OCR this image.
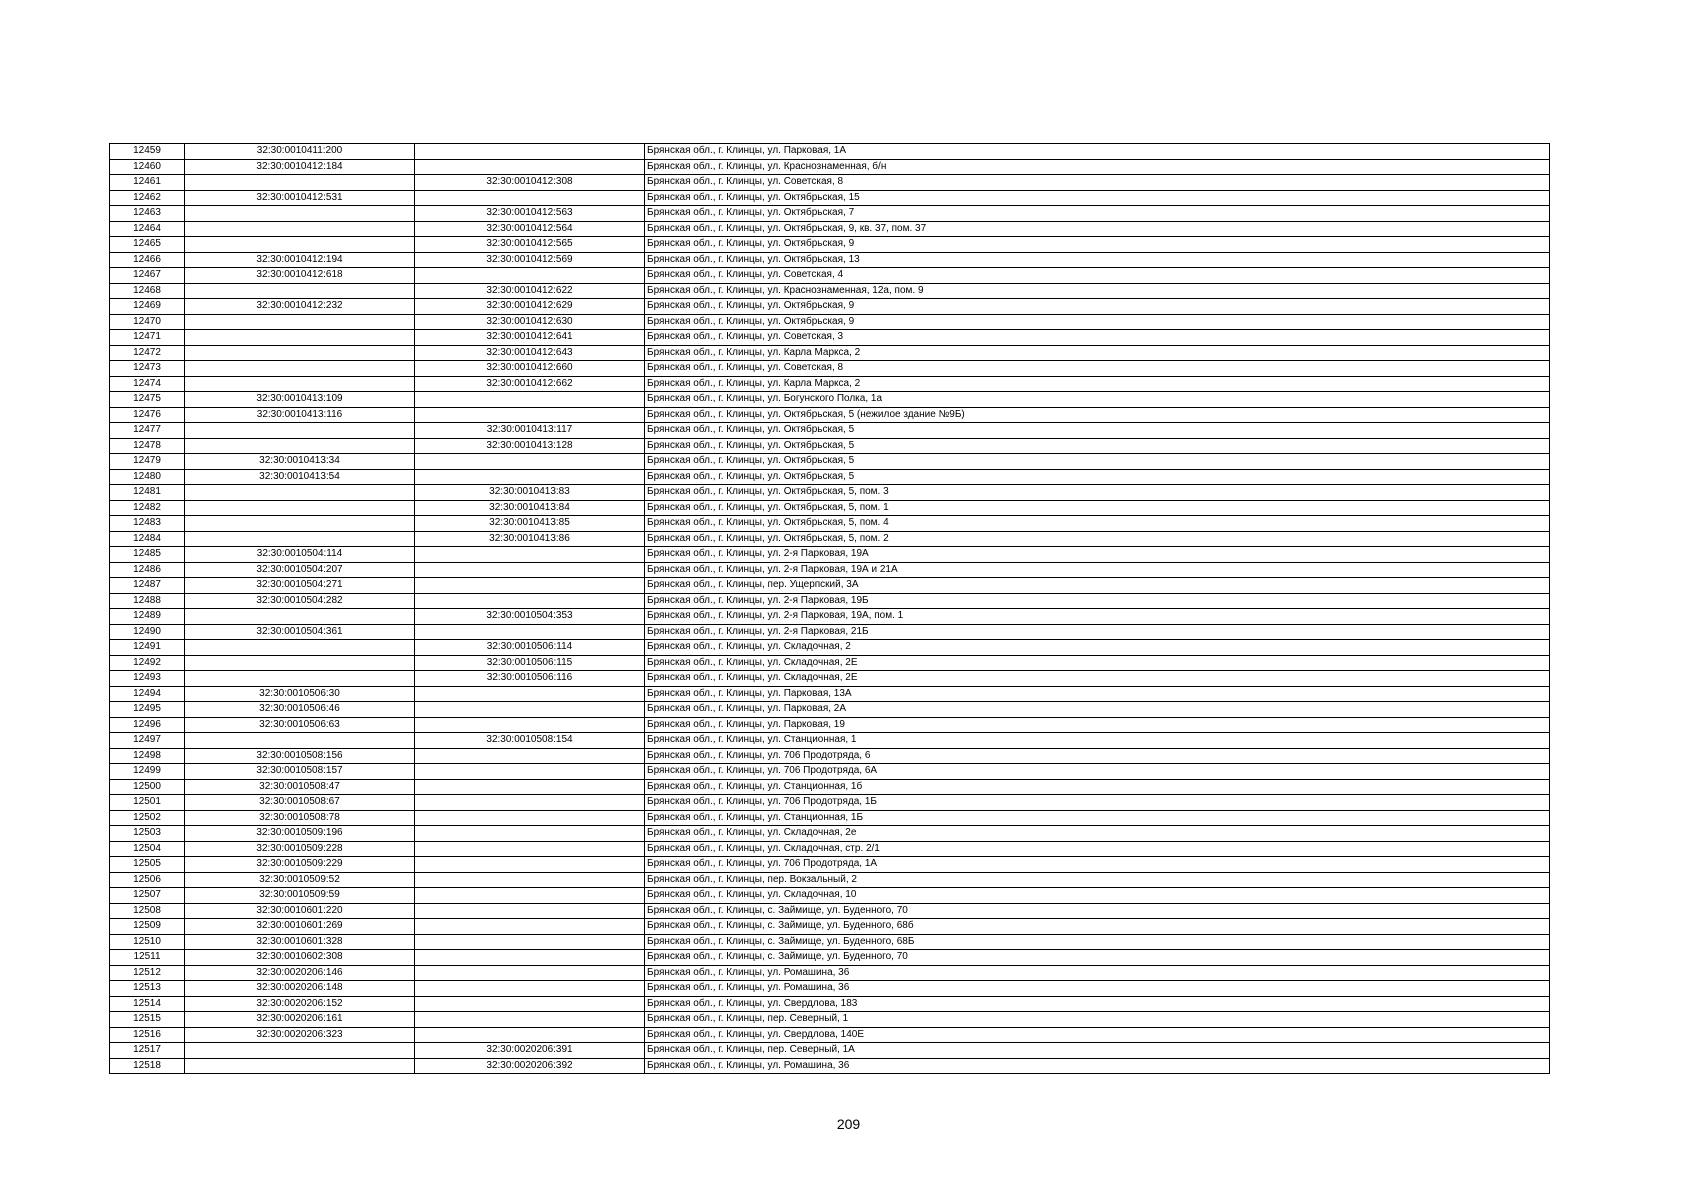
12459	32:30:0010411:200		Брянская обл., г. Клинцы, ул. Парковая, 1А
12460	32:30:0010412:184		Брянская обл., г. Клинцы, ул. Краснознаменная, б/н
12461		32:30:0010412:308	Брянская обл., г. Клинцы, ул. Советская, 8
12462	32:30:0010412:531		Брянская обл., г. Клинцы, ул. Октябрьская, 15
12463		32:30:0010412:563	Брянская обл., г. Клинцы, ул. Октябрьская, 7
12464		32:30:0010412:564	Брянская обл., г. Клинцы, ул. Октябрьская, 9, кв. 37, пом. 37
12465		32:30:0010412:565	Брянская обл., г. Клинцы, ул. Октябрьская, 9
12466	32:30:0010412:194	32:30:0010412:569	Брянская обл., г. Клинцы, ул. Октябрьская, 13
12467	32:30:0010412:618		Брянская обл., г. Клинцы, ул. Советская, 4
12468		32:30:0010412:622	Брянская обл., г. Клинцы, ул. Краснознаменная, 12а, пом. 9
12469	32:30:0010412:232	32:30:0010412:629	Брянская обл., г. Клинцы, ул. Октябрьская, 9
12470		32:30:0010412:630	Брянская обл., г. Клинцы, ул. Октябрьская, 9
12471		32:30:0010412:641	Брянская обл., г. Клинцы, ул. Советская, 3
12472		32:30:0010412:643	Брянская обл., г. Клинцы, ул. Карла Маркса, 2
12473		32:30:0010412:660	Брянская обл., г. Клинцы, ул. Советская, 8
12474		32:30:0010412:662	Брянская обл., г. Клинцы, ул. Карла Маркса, 2
12475	32:30:0010413:109		Брянская обл., г. Клинцы, ул. Богунского Полка, 1а
12476	32:30:0010413:116		Брянская обл., г. Клинцы, ул. Октябрьская, 5 (нежилое здание №9Б)
12477		32:30:0010413:117	Брянская обл., г. Клинцы, ул. Октябрьская, 5
12478		32:30:0010413:128	Брянская обл., г. Клинцы, ул. Октябрьская, 5
12479	32:30:0010413:34		Брянская обл., г. Клинцы, ул. Октябрьская, 5
12480	32:30:0010413:54		Брянская обл., г. Клинцы, ул. Октябрьская, 5
12481		32:30:0010413:83	Брянская обл., г. Клинцы, ул. Октябрьская, 5, пом. 3
12482		32:30:0010413:84	Брянская обл., г. Клинцы, ул. Октябрьская, 5, пом. 1
12483		32:30:0010413:85	Брянская обл., г. Клинцы, ул. Октябрьская, 5, пом. 4
12484		32:30:0010413:86	Брянская обл., г. Клинцы, ул. Октябрьская, 5, пом. 2
12485	32:30:0010504:114		Брянская обл., г. Клинцы, ул. 2-я Парковая, 19А
12486	32:30:0010504:207		Брянская обл., г. Клинцы, ул. 2-я Парковая, 19А и 21А
12487	32:30:0010504:271		Брянская обл., г. Клинцы, пер. Ущерпский, 3А
12488	32:30:0010504:282		Брянская обл., г. Клинцы, ул. 2-я Парковая, 19Б
12489		32:30:0010504:353	Брянская обл., г. Клинцы, ул. 2-я Парковая, 19А, пом. 1
12490	32:30:0010504:361		Брянская обл., г. Клинцы, ул. 2-я Парковая, 21Б
12491		32:30:0010506:114	Брянская обл., г. Клинцы, ул. Складочная, 2
12492		32:30:0010506:115	Брянская обл., г. Клинцы, ул. Складочная, 2Е
12493		32:30:0010506:116	Брянская обл., г. Клинцы, ул. Складочная, 2Е
12494	32:30:0010506:30		Брянская обл., г. Клинцы, ул. Парковая, 13А
12495	32:30:0010506:46		Брянская обл., г. Клинцы, ул. Парковая, 2А
12496	32:30:0010506:63		Брянская обл., г. Клинцы, ул. Парковая, 19
12497		32:30:0010508:154	Брянская обл., г. Клинцы, ул. Станционная, 1
12498	32:30:0010508:156		Брянская обл., г. Клинцы, ул. 706 Продотряда, 6
12499	32:30:0010508:157		Брянская обл., г. Клинцы, ул. 706 Продотряда, 6А
12500	32:30:0010508:47		Брянская обл., г. Клинцы, ул. Станционная, 1б
12501	32:30:0010508:67		Брянская обл., г. Клинцы, ул. 706 Продотряда, 1Б
12502	32:30:0010508:78		Брянская обл., г. Клинцы, ул. Станционная, 1Б
12503	32:30:0010509:196		Брянская обл., г. Клинцы, ул. Складочная, 2е
12504	32:30:0010509:228		Брянская обл., г. Клинцы, ул. Складочная, стр. 2/1
12505	32:30:0010509:229		Брянская обл., г. Клинцы, ул. 706 Продотряда, 1А
12506	32:30:0010509:52		Брянская обл., г. Клинцы, пер. Вокзальный, 2
12507	32:30:0010509:59		Брянская обл., г. Клинцы, ул. Складочная, 10
12508	32:30:0010601:220		Брянская обл., г. Клинцы, с. Займище, ул. Буденного, 70
12509	32:30:0010601:269		Брянская обл., г. Клинцы, с. Займище, ул. Буденного, 68б
12510	32:30:0010601:328		Брянская обл., г. Клинцы, с. Займище, ул. Буденного, 68Б
12511	32:30:0010602:308		Брянская обл., г. Клинцы, с. Займище, ул. Буденного, 70
12512	32:30:0020206:146		Брянская обл., г. Клинцы, ул. Ромашина, 36
12513	32:30:0020206:148		Брянская обл., г. Клинцы, ул. Ромашина, 36
12514	32:30:0020206:152		Брянская обл., г. Клинцы, ул. Свердлова, 183
12515	32:30:0020206:161		Брянская обл., г. Клинцы, пер. Северный, 1
12516	32:30:0020206:323		Брянская обл., г. Клинцы, ул. Свердлова, 140Е
12517		32:30:0020206:391	Брянская обл., г. Клинцы, пер. Северный, 1А
12518		32:30:0020206:392	Брянская обл., г. Клинцы, ул. Ромашина, 36
209
